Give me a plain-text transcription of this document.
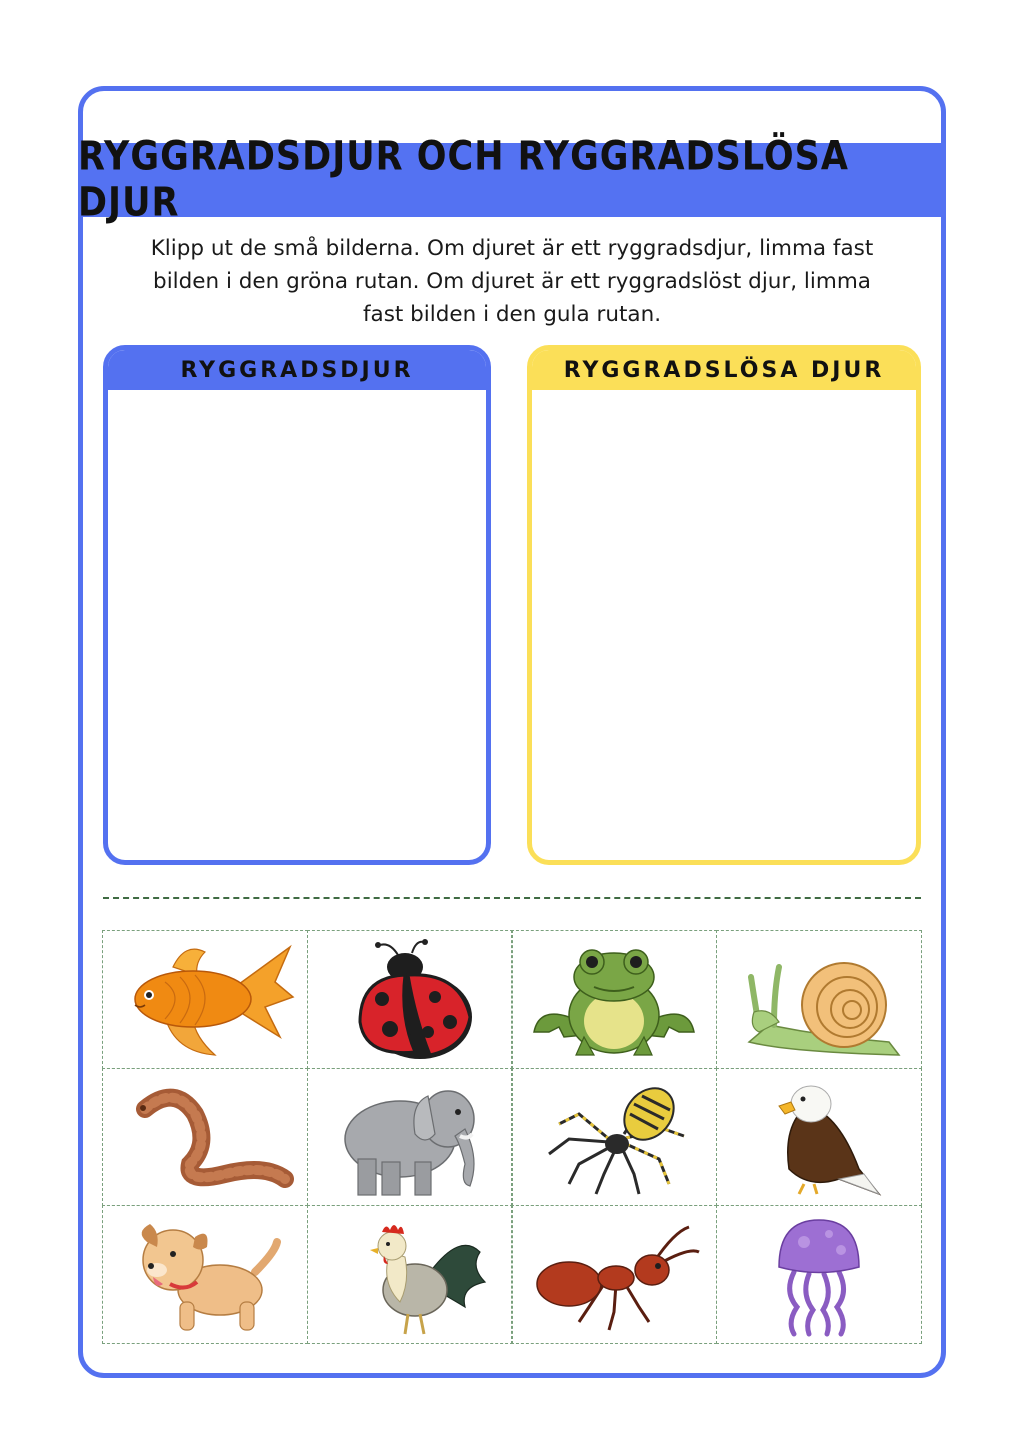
RYGGRADSDJUR OCH RYGGRADSLÖSA DJUR
Klipp ut de små bilderna. Om djuret är ett ryggradsdjur, limma fast bilden i den gröna rutan. Om djuret är ett ryggradslöst djur, limma fast bilden i den gula rutan.
RYGGRADSDJUR	RYGGRADSLÖSA DJUR
